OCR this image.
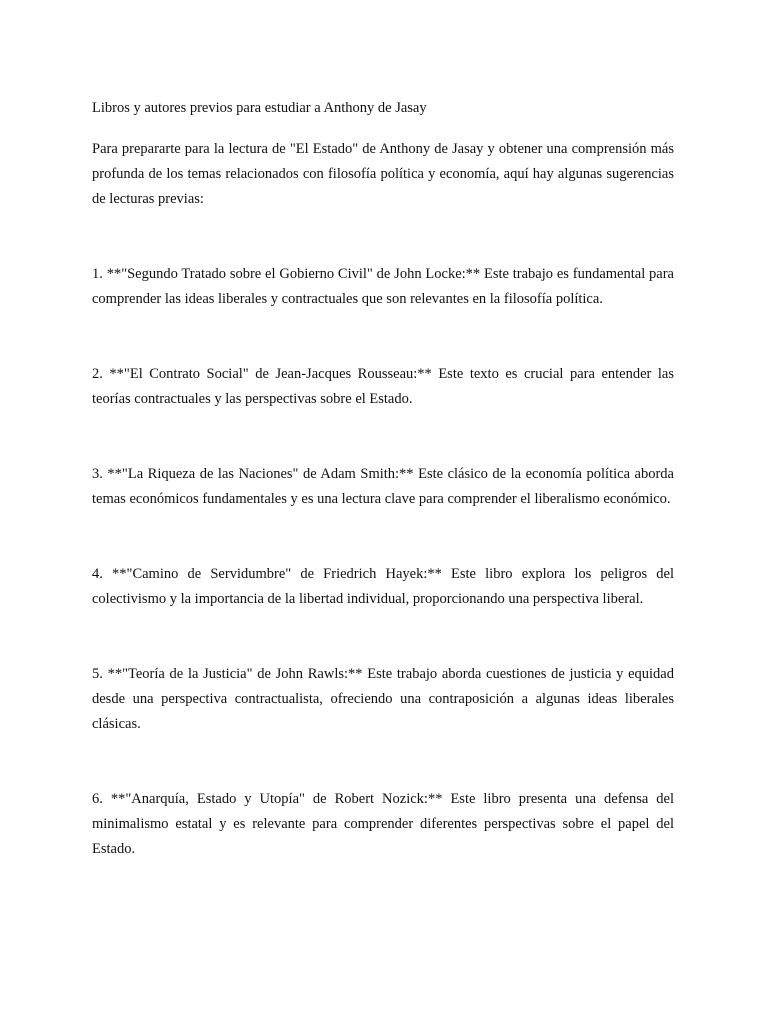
Libros y autores previos para estudiar a Anthony de Jasay

Para prepararte para la lectura de "El Estado" de Anthony de Jasay y obtener una comprensión más profunda de los temas relacionados con filosofía política y economía, aquí hay algunas sugerencias de lecturas previas:

1. **"Segundo Tratado sobre el Gobierno Civil" de John Locke:** Este trabajo es fundamental para comprender las ideas liberales y contractuales que son relevantes en la filosofía política.

2. **"El Contrato Social" de Jean-Jacques Rousseau:** Este texto es crucial para entender las teorías contractuales y las perspectivas sobre el Estado.

3. **"La Riqueza de las Naciones" de Adam Smith:** Este clásico de la economía política aborda temas económicos fundamentales y es una lectura clave para comprender el liberalismo económico.

4. **"Camino de Servidumbre" de Friedrich Hayek:** Este libro explora los peligros del colectivismo y la importancia de la libertad individual, proporcionando una perspectiva liberal.

5. **"Teoría de la Justicia" de John Rawls:** Este trabajo aborda cuestiones de justicia y equidad desde una perspectiva contractualista, ofreciendo una contraposición a algunas ideas liberales clásicas.

6. **"Anarquía, Estado y Utopía" de Robert Nozick:** Este libro presenta una defensa del minimalismo estatal y es relevante para comprender diferentes perspectivas sobre el papel del Estado.
